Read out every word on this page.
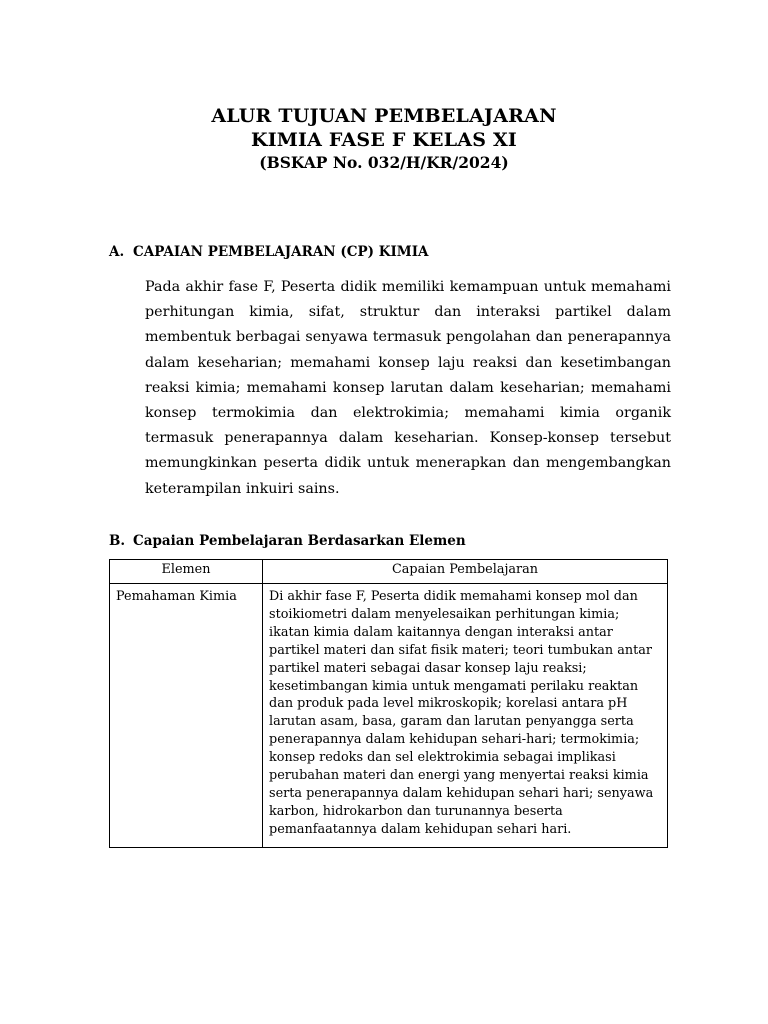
ALUR TUJUAN PEMBELAJARAN
KIMIA FASE F KELAS XI
(BSKAP No. 032/H/KR/2024)
A. CAPAIAN PEMBELAJARAN (CP) KIMIA

Pada akhir fase F, Peserta didik memiliki kemampuan untuk memahami perhitungan kimia, sifat, struktur dan interaksi partikel dalam membentuk berbagai senyawa termasuk pengolahan dan penerapannya dalam keseharian; memahami konsep laju reaksi dan kesetimbangan reaksi kimia; memahami konsep larutan dalam keseharian; memahami konsep termokimia dan elektrokimia; memahami kimia organik termasuk penerapannya dalam keseharian. Konsep-konsep tersebut memungkinkan peserta didik untuk menerapkan dan mengembangkan keterampilan inkuiri sains.

B. Capaian Pembelajaran Berdasarkan Elemen
Elemen	Capaian Pembelajaran
Pemahaman Kimia	Di akhir fase F, Peserta didik memahami konsep mol dan stoikiometri dalam menyelesaikan perhitungan kimia; ikatan kimia dalam kaitannya dengan interaksi antar partikel materi dan sifat fisik materi; teori tumbukan antar partikel materi sebagai dasar konsep laju reaksi; kesetimbangan kimia untuk mengamati perilaku reaktan dan produk pada level mikroskopik; korelasi antara pH larutan asam, basa, garam dan larutan penyangga serta penerapannya dalam kehidupan sehari-hari; termokimia; konsep redoks dan sel elektrokimia sebagai implikasi perubahan materi dan energi yang menyertai reaksi kimia serta penerapannya dalam kehidupan sehari hari; senyawa karbon, hidrokarbon dan turunannya beserta pemanfaatannya dalam kehidupan sehari hari.
